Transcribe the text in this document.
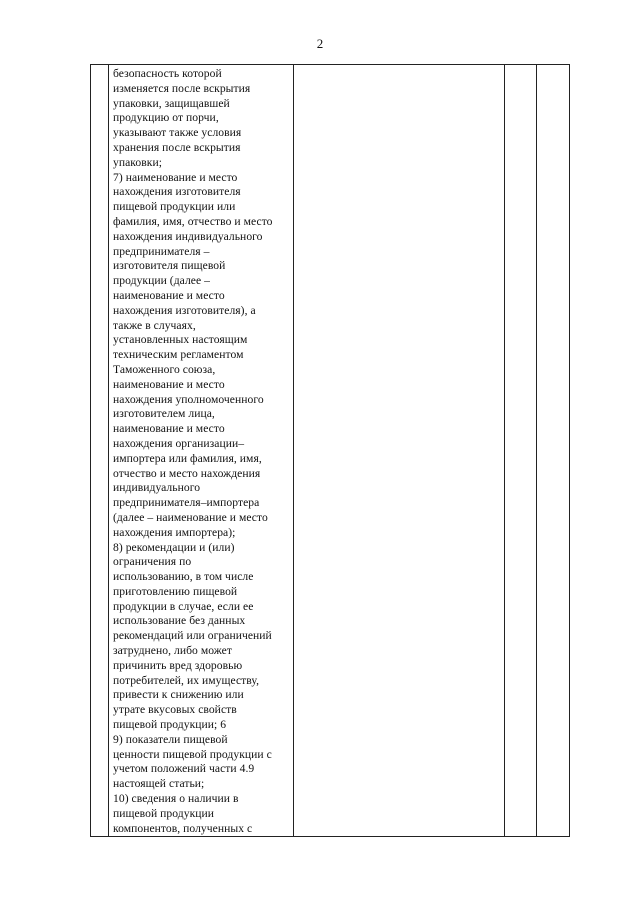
2

безопасность которой
изменяется после вскрытия
упаковки, защищавшей
продукцию от порчи,
указывают также условия
хранения после вскрытия
упаковки;
7) наименование и место
нахождения изготовителя
пищевой продукции или
фамилия, имя, отчество и место
нахождения индивидуального
предпринимателя –
изготовителя пищевой
продукции (далее –
наименование и место
нахождения изготовителя), а
также в случаях,
установленных настоящим
техническим регламентом
Таможенного союза,
наименование и место
нахождения уполномоченного
изготовителем лица,
наименование и место
нахождения организации–
импортера или фамилия, имя,
отчество и место нахождения
индивидуального
предпринимателя–импортера
(далее – наименование и место
нахождения импортера);
8) рекомендации и (или)
ограничения по
использованию, в том числе
приготовлению пищевой
продукции в случае, если ее
использование без данных
рекомендаций или ограничений
затруднено, либо может
причинить вред здоровью
потребителей, их имуществу,
привести к снижению или
утрате вкусовых свойств
пищевой продукции; 6
9) показатели пищевой
ценности пищевой продукции с
учетом положений части 4.9
настоящей статьи;
10) сведения о наличии в
пищевой продукции
компонентов, полученных с
